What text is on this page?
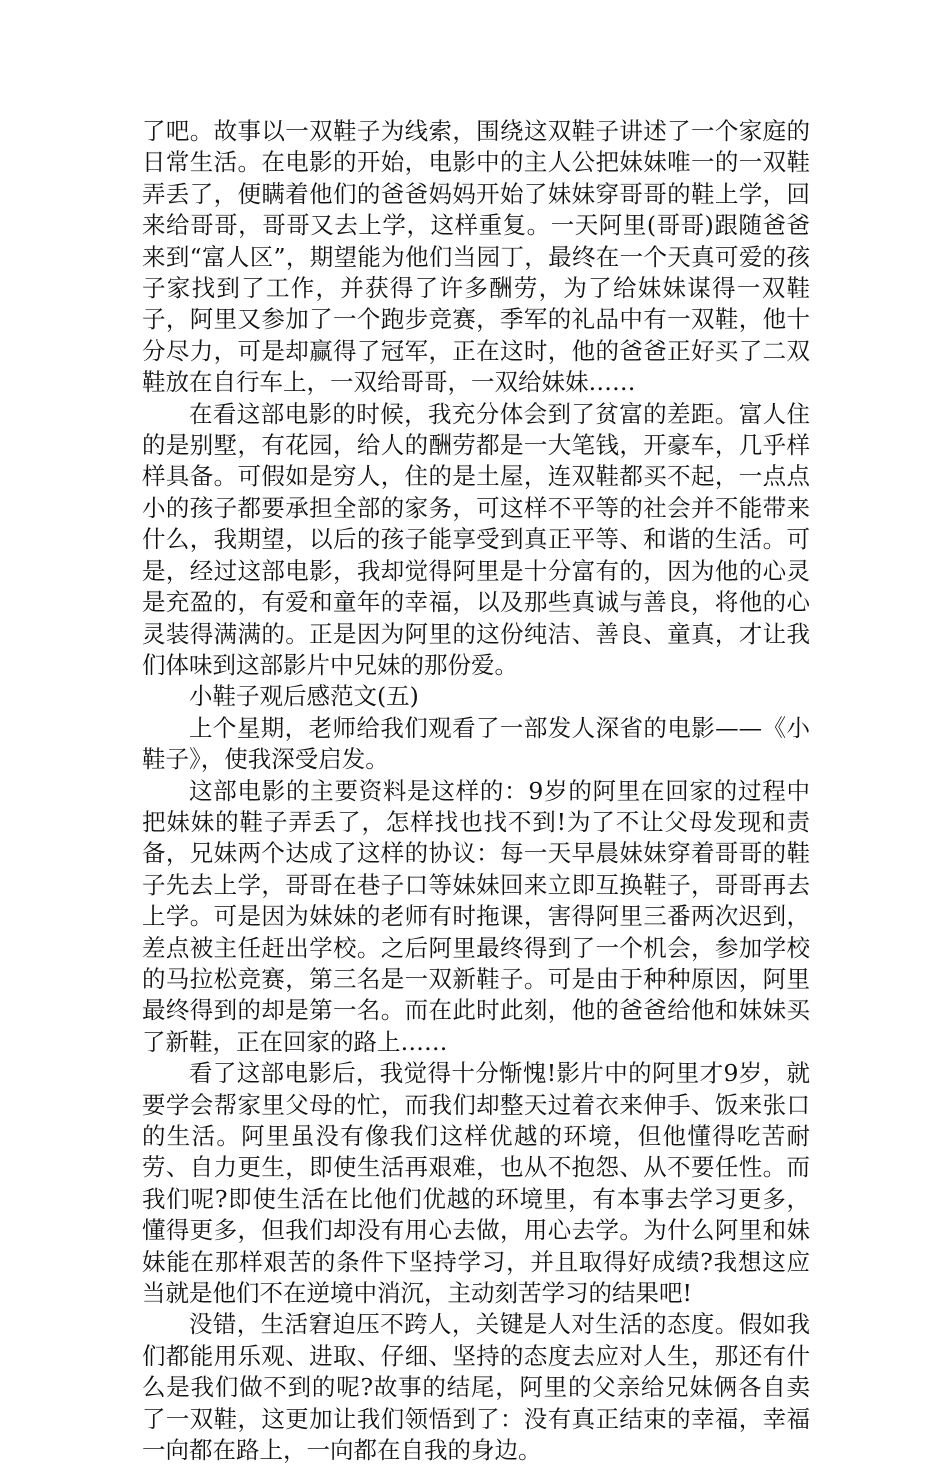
了吧。故事以一双鞋子为线索，围绕这双鞋子讲述了一个家庭的日常生活。在电影的开始，电影中的主人公把妹妹唯一的一双鞋弄丢了，便瞒着他们的爸爸妈妈开始了妹妹穿哥哥的鞋上学，回来给哥哥，哥哥又去上学，这样重复。一天阿里(哥哥)跟随爸爸来到“富人区”，期望能为他们当园丁，最终在一个天真可爱的孩子家找到了工作，并获得了许多酬劳，为了给妹妹谋得一双鞋子，阿里又参加了一个跑步竞赛，季军的礼品中有一双鞋，他十分尽力，可是却赢得了冠军，正在这时，他的爸爸正好买了二双鞋放在自行车上，一双给哥哥，一双给妹妹……

在看这部电影的时候，我充分体会到了贫富的差距。富人住的是别墅，有花园，给人的酬劳都是一大笔钱，开豪车，几乎样样具备。可假如是穷人，住的是土屋，连双鞋都买不起，一点点小的孩子都要承担全部的家务，可这样不平等的社会并不能带来什么，我期望，以后的孩子能享受到真正平等、和谐的生活。可是，经过这部电影，我却觉得阿里是十分富有的，因为他的心灵是充盈的，有爱和童年的幸福，以及那些真诚与善良，将他的心灵装得满满的。正是因为阿里的这份纯洁、善良、童真，才让我们体味到这部影片中兄妹的那份爱。

小鞋子观后感范文(五)

上个星期，老师给我们观看了一部发人深省的电影——《小鞋子》，使我深受启发。

这部电影的主要资料是这样的：9岁的阿里在回家的过程中把妹妹的鞋子弄丢了，怎样找也找不到!为了不让父母发现和责备，兄妹两个达成了这样的协议：每一天早晨妹妹穿着哥哥的鞋子先去上学，哥哥在巷子口等妹妹回来立即互换鞋子，哥哥再去上学。可是因为妹妹的老师有时拖课，害得阿里三番两次迟到，差点被主任赶出学校。之后阿里最终得到了一个机会，参加学校的马拉松竞赛，第三名是一双新鞋子。可是由于种种原因，阿里最终得到的却是第一名。而在此时此刻，他的爸爸给他和妹妹买了新鞋，正在回家的路上……

看了这部电影后，我觉得十分惭愧!影片中的阿里才9岁，就要学会帮家里父母的忙，而我们却整天过着衣来伸手、饭来张口的生活。阿里虽没有像我们这样优越的环境，但他懂得吃苦耐劳、自力更生，即使生活再艰难，也从不抱怨、从不要任性。而我们呢?即使生活在比他们优越的环境里，有本事去学习更多，懂得更多，但我们却没有用心去做，用心去学。为什么阿里和妹妹能在那样艰苦的条件下坚持学习，并且取得好成绩?我想这应当就是他们不在逆境中消沉，主动刻苦学习的结果吧!

没错，生活窘迫压不跨人，关键是人对生活的态度。假如我们都能用乐观、进取、仔细、坚持的态度去应对人生，那还有什么是我们做不到的呢?故事的结尾，阿里的父亲给兄妹俩各自卖了一双鞋，这更加让我们领悟到了：没有真正结束的幸福，幸福一向都在路上，一向都在自我的身边。
